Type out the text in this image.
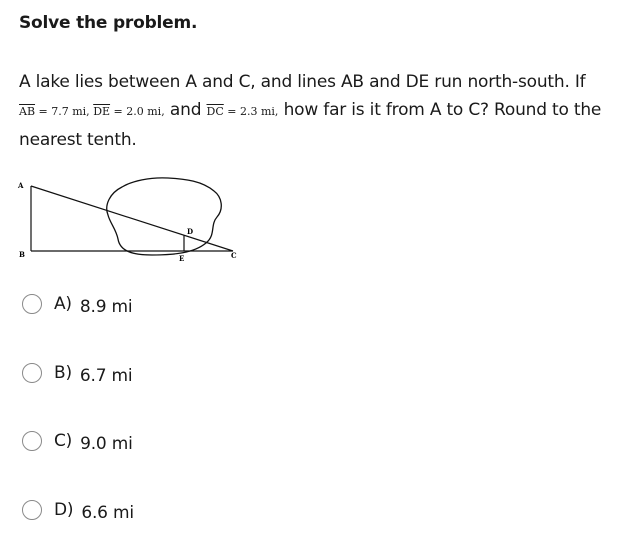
Solve the problem.
A lake lies between A and C, and lines AB and DE run north-south. If
$\overline{AB} = 7.7$ mi, $\overline{DE} = 2.0$ mi, and $\overline{DC} = 2.3$ mi, how far is it from A to C? Round to the
nearest tenth.
A
B	C
D
E
A) 8.9 mi
B) 6.7 mi
C) 9.0 mi
D) 6.6 mi
